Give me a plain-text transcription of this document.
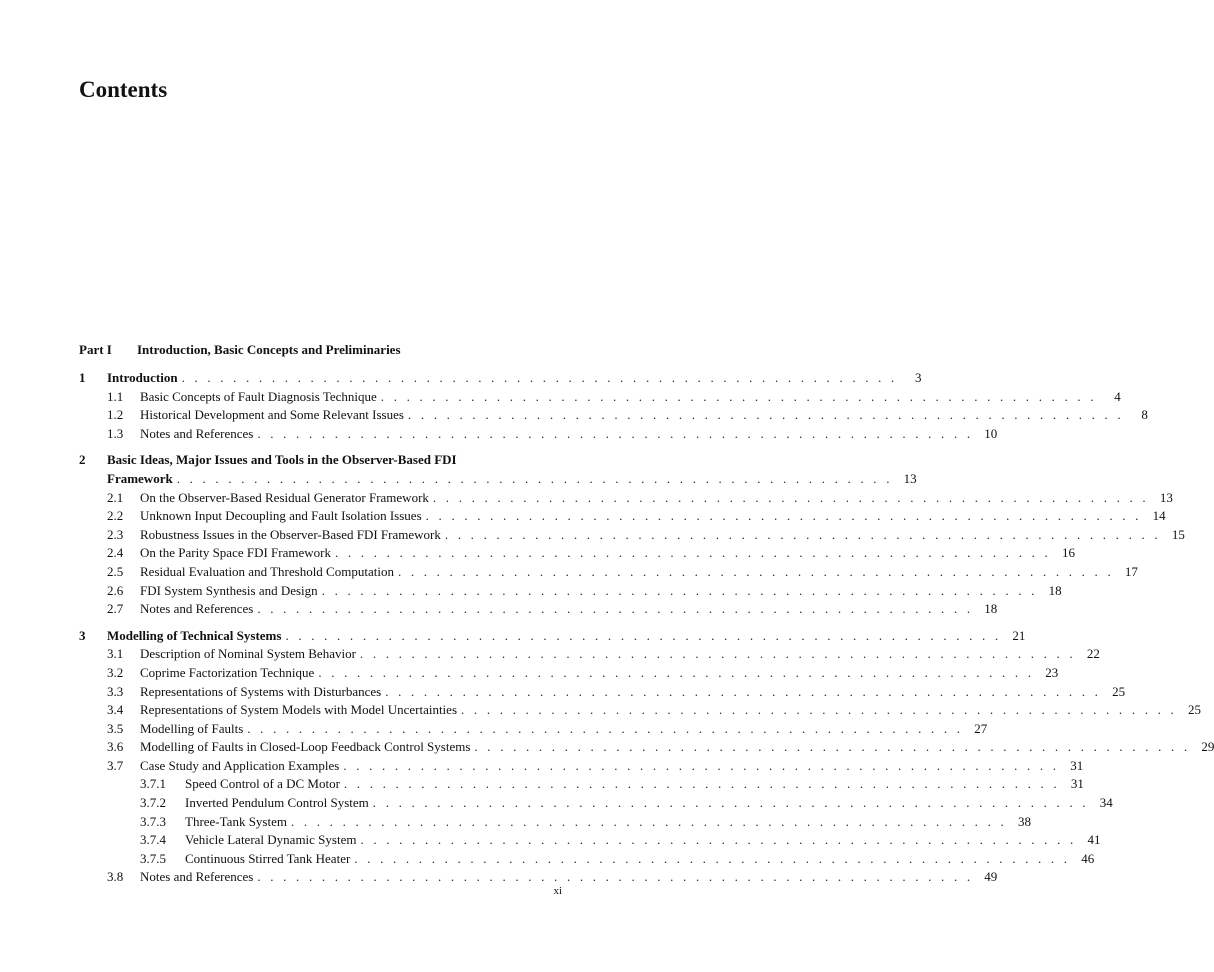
Contents
Part I Introduction, Basic Concepts and Preliminaries
1 Introduction . . . . . . . . . . . . . . . . . . . . . . . . . . . . . . . . . . . . . . . . . . . . . . . . . . . . . . . .	3
1.1 Basic Concepts of Fault Diagnosis Technique . . . . . . . . . . . . . . . . . . . . . . . . . . . . . . . . . . . . . . . . . . . . . . . . . . . . . . . .	4
1.2 Historical Development and Some Relevant Issues . . . . . . . . . . . . . . . . . . . . . . . . . . . . . . . . . . . . . . . . . . . . . . . . . . . . . . . .	8
1.3 Notes and References . . . . . . . . . . . . . . . . . . . . . . . . . . . . . . . . . . . . . . . . . . . . . . . . . . . . . . . . 10
2 Basic Ideas, Major Issues and Tools in the Observer-Based FDI
Framework . . . . . . . . . . . . . . . . . . . . . . . . . . . . . . . . . . . . . . . . . . . . . . . . . . . . . . . . 13
2.1 On the Observer-Based Residual Generator Framework . . . . . . . . . . . . . . . . . . . . . . . . . . . . . . . . . . . . . . . . . . . . . . . . . . . . . . . . 13
2.2 Unknown Input Decoupling and Fault Isolation Issues . . . . . . . . . . . . . . . . . . . . . . . . . . . . . . . . . . . . . . . . . . . . . . . . . . . . . . . . 14
2.3 Robustness Issues in the Observer-Based FDI Framework . . . . . . . . . . . . . . . . . . . . . . . . . . . . . . . . . . . . . . . . . . . . . . . . . . . . . . . . 15
2.4 On the Parity Space FDI Framework . . . . . . . . . . . . . . . . . . . . . . . . . . . . . . . . . . . . . . . . . . . . . . . . . . . . . . . . 16
2.5 Residual Evaluation and Threshold Computation . . . . . . . . . . . . . . . . . . . . . . . . . . . . . . . . . . . . . . . . . . . . . . . . . . . . . . . . 17
2.6 FDI System Synthesis and Design . . . . . . . . . . . . . . . . . . . . . . . . . . . . . . . . . . . . . . . . . . . . . . . . . . . . . . . . 18
2.7 Notes and References . . . . . . . . . . . . . . . . . . . . . . . . . . . . . . . . . . . . . . . . . . . . . . . . . . . . . . . . 18
3 Modelling of Technical Systems . . . . . . . . . . . . . . . . . . . . . . . . . . . . . . . . . . . . . . . . . . . . . . . . . . . . . . . . 21
3.1 Description of Nominal System Behavior . . . . . . . . . . . . . . . . . . . . . . . . . . . . . . . . . . . . . . . . . . . . . . . . . . . . . . . . 22
3.2 Coprime Factorization Technique . . . . . . . . . . . . . . . . . . . . . . . . . . . . . . . . . . . . . . . . . . . . . . . . . . . . . . . . 23
3.3 Representations of Systems with Disturbances . . . . . . . . . . . . . . . . . . . . . . . . . . . . . . . . . . . . . . . . . . . . . . . . . . . . . . . . 25
3.4 Representations of System Models with Model Uncertainties . . . . . . . . . . . . . . . . . . . . . . . . . . . . . . . . . . . . . . . . . . . . . . . . . . . . . . . . 25
3.5 Modelling of Faults . . . . . . . . . . . . . . . . . . . . . . . . . . . . . . . . . . . . . . . . . . . . . . . . . . . . . . . . 27
3.6 Modelling of Faults in Closed-Loop Feedback Control Systems . . . . . . . . . . . . . . . . . . . . . . . . . . . . . . . . . . . . . . . . . . . . . . . . . . . . . . . . 29
3.7 Case Study and Application Examples . . . . . . . . . . . . . . . . . . . . . . . . . . . . . . . . . . . . . . . . . . . . . . . . . . . . . . . . 31
3.7.1 Speed Control of a DC Motor . . . . . . . . . . . . . . . . . . . . . . . . . . . . . . . . . . . . . . . . . . . . . . . . . . . . . . . . 31
3.7.2 Inverted Pendulum Control System . . . . . . . . . . . . . . . . . . . . . . . . . . . . . . . . . . . . . . . . . . . . . . . . . . . . . . . . 34
3.7.3 Three-Tank System . . . . . . . . . . . . . . . . . . . . . . . . . . . . . . . . . . . . . . . . . . . . . . . . . . . . . . . . 38
3.7.4 Vehicle Lateral Dynamic System . . . . . . . . . . . . . . . . . . . . . . . . . . . . . . . . . . . . . . . . . . . . . . . . . . . . . . . . 41
3.7.5 Continuous Stirred Tank Heater . . . . . . . . . . . . . . . . . . . . . . . . . . . . . . . . . . . . . . . . . . . . . . . . . . . . . . . . 46
3.8 Notes and References . . . . . . . . . . . . . . . . . . . . . . . . . . . . . . . . . . . . . . . . . . . . . . . . . . . . . . . . 49
xi
